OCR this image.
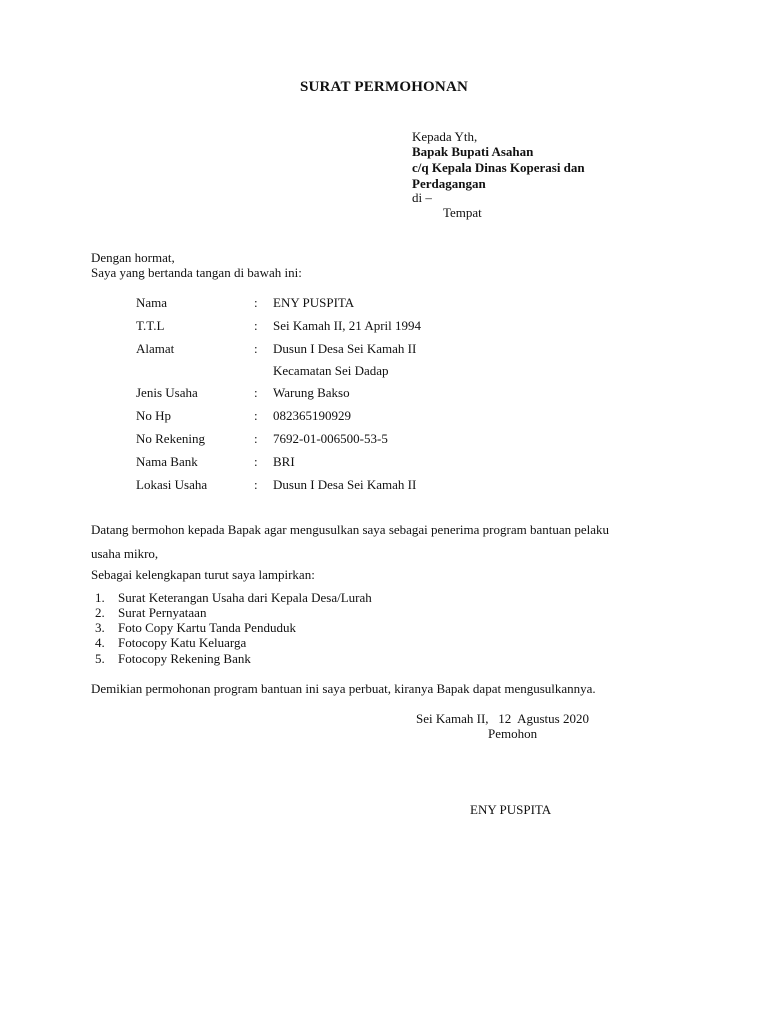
SURAT PERMOHONAN
Kepada Yth,
Bapak Bupati Asahan
c/q Kepala Dinas Koperasi dan
Perdagangan
di –
Tempat
Dengan hormat,
Saya yang bertanda tangan di bawah ini:
Nama	: ENY PUSPITA
T.T.L	: Sei Kamah II, 21 April 1994
Alamat	: Dusun I Desa Sei Kamah II
Kecamatan Sei Dadap
Jenis Usaha	: Warung Bakso
No Hp	: 082365190929
No Rekening	: 7692-01-006500-53-5
Nama Bank	: BRI
Lokasi Usaha	: Dusun I Desa Sei Kamah II
Datang bermohon kepada Bapak agar mengusulkan saya sebagai penerima program bantuan pelaku
usaha mikro,
Sebagai kelengkapan turut saya lampirkan:
1. Surat Keterangan Usaha dari Kepala Desa/Lurah
2. Surat Pernyataan
3. Foto Copy Kartu Tanda Penduduk
4. Fotocopy Katu Keluarga
5. Fotocopy Rekening Bank
Demikian permohonan program bantuan ini saya perbuat, kiranya Bapak dapat mengusulkannya.
Sei Kamah II,   12  Agustus 2020
Pemohon
ENY PUSPITA
